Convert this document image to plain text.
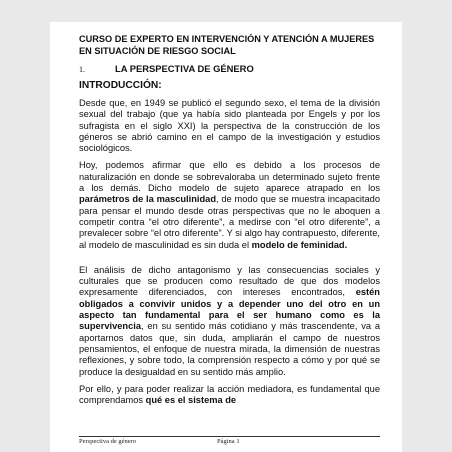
CURSO DE EXPERTO EN INTERVENCIÓN Y ATENCIÓN A MUJERES EN SITUACIÓN DE RIESGO SOCIAL
1.	LA PERSPECTIVA DE GÉNERO
INTRODUCCIÓN:

Desde que, en 1949 se publicó el segundo sexo, el tema de la división sexual del trabajo (que ya había sido planteada por Engels y por los sufragista en el siglo XXI) la perspectiva de la construcción de los géneros se abrió camino en el campo de la investigación y estudios sociológicos.

Hoy, podemos afirmar que ello es debido a los procesos de naturalización en donde se sobrevaloraba un determinado sujeto frente a los demás. Dicho modelo de sujeto aparece atrapado en los parámetros de la masculinidad, de modo que se muestra incapacitado para pensar el mundo desde otras perspectivas que no le aboquen a competir contra “el otro diferente”, a medirse con “el otro diferente”, a prevalecer sobre “el otro diferente”. Y si algo hay contrapuesto, diferente, al modelo de masculinidad es sin duda el modelo de feminidad.

El análisis de dicho antagonismo y las consecuencias sociales y culturales que se producen como resultado de que dos modelos expresamente diferenciados, con intereses encontrados, estén obligados a convivir unidos y a depender uno del otro en un aspecto tan fundamental para el ser humano como es la supervivencia, en su sentido más cotidiano y más trascendente, va a aportarnos datos que, sin duda, ampliarán el campo de nuestros pensamientos, el enfoque de nuestra mirada, la dimensión de nuestras reflexiones, y sobre todo, la comprensión respecto a cómo y por qué se produce la desigualdad en su sentido más amplio.

Por ello, y para poder realizar la acción mediadora, es fundamental que comprendamos qué es el sistema de

Perspectiva de género	Página 1
